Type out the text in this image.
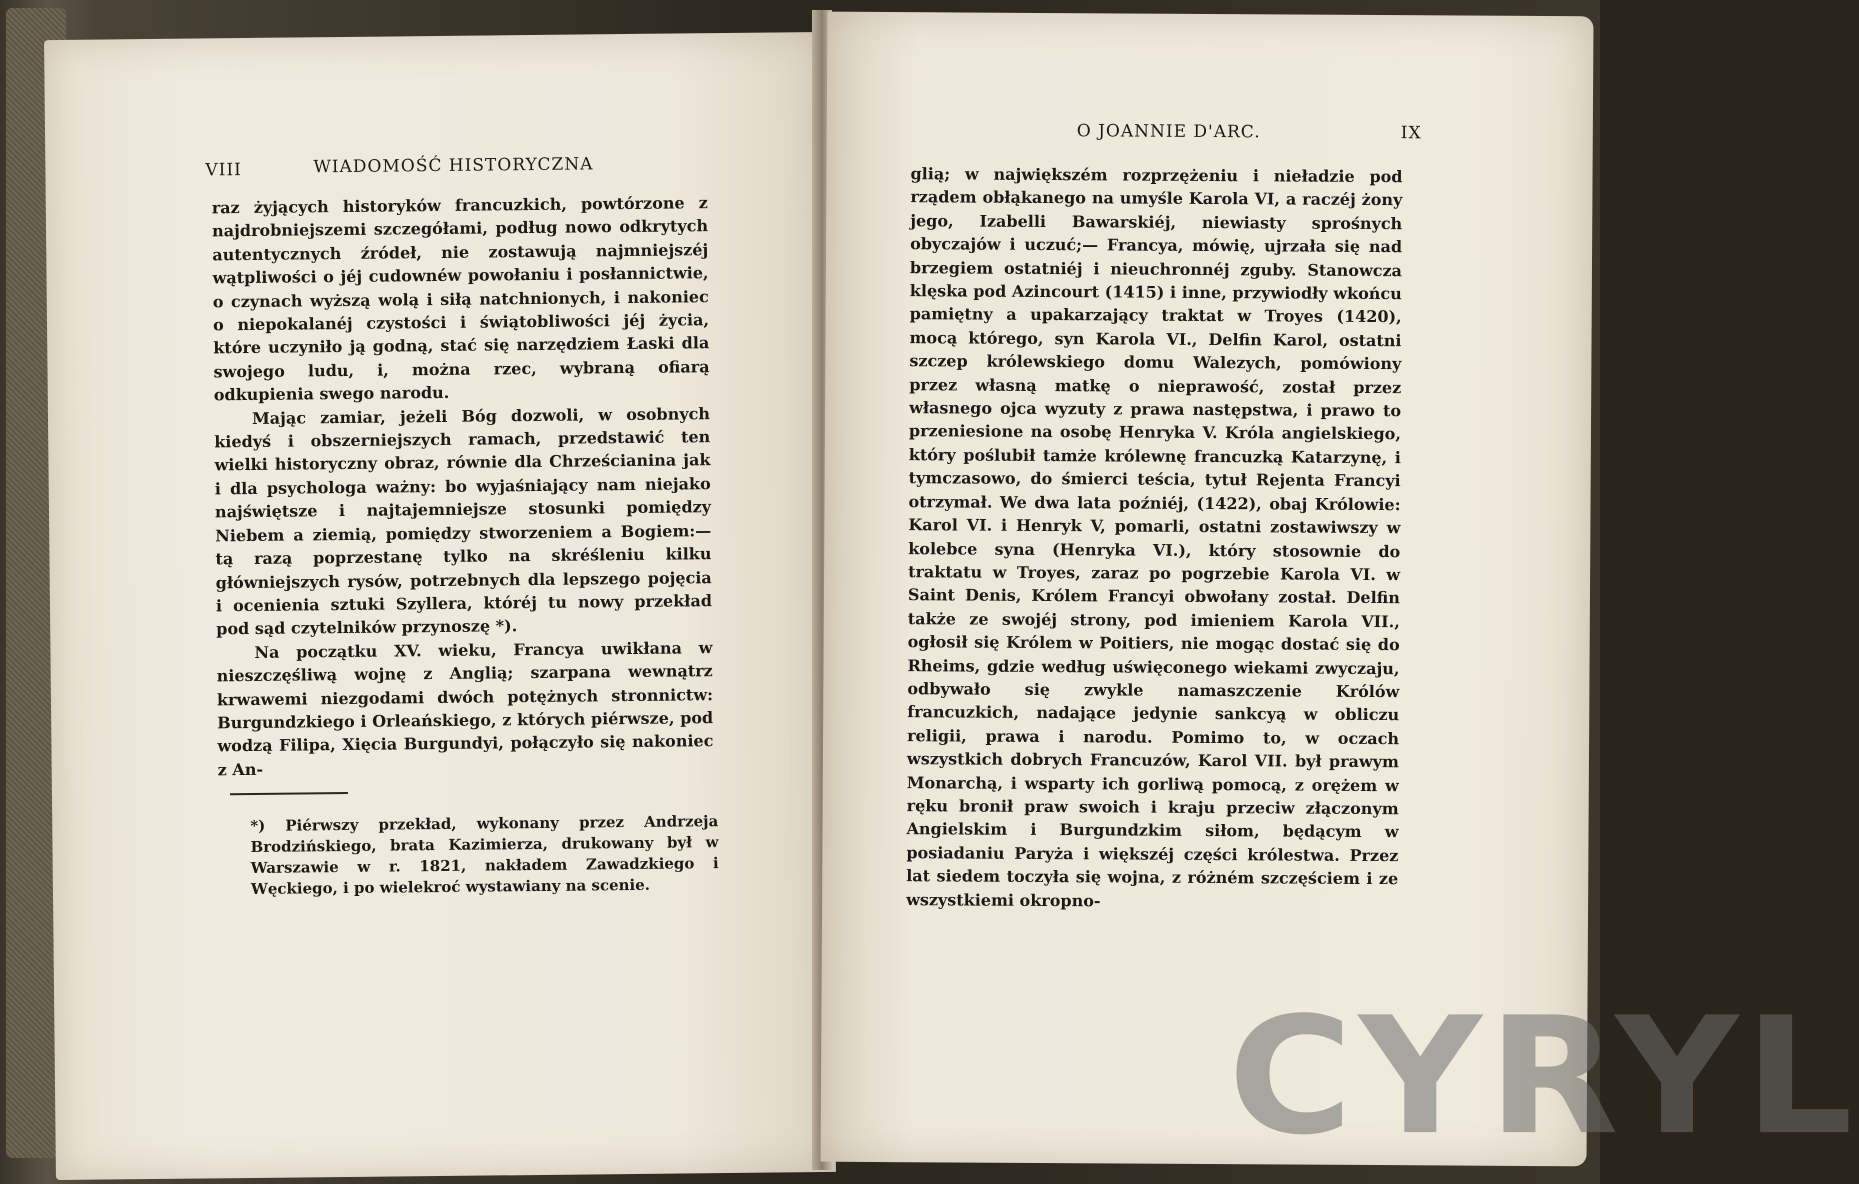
VIII	WIADOMOŚĆ HISTORYCZNA

raz żyjących historyków francuzkich, powtórzone z najdrobniejszemi szczegółami, podług nowo odkrytych autentycznych źródeł, nie zostawują najmniejszéj wątpliwości o jéj cudownéw powołaniu i posłannictwie, o czynach wyższą wolą i siłą natchnionych, i nakoniec o niepokalanéj czystości i świątobliwości jéj życia, które uczyniło ją godną, stać się narzędziem Łaski dla swojego ludu, i, można rzec, wybraną ofiarą odkupienia swego narodu.

Mając zamiar, jeżeli Bóg dozwoli, w osobnych kiedyś i obszerniejszych ramach, przedstawić ten wielki historyczny obraz, równie dla Chrześcianina jak i dla psychologa ważny: bo wyjaśniający nam niejako najświętsze i najtajemniejsze stosunki pomiędzy Niebem a ziemią, pomiędzy stworzeniem a Bogiem:— tą razą poprzestanę tylko na skréśleniu kilku główniejszych rysów, potrzebnych dla lepszego pojęcia i ocenienia sztuki Szyllera, któréj tu nowy przekład pod sąd czytelników przynoszę *).

Na początku XV. wieku, Francya uwikłana w nieszczęśliwą wojnę z Anglią; szarpana wewnątrz krwawemi niezgodami dwóch potężnych stronnictw: Burgundzkiego i Orleańskiego, z których piérwsze, pod wodzą Filipa, Xięcia Burgundyi, połączyło się nakoniec z An-

*) Piérwszy przekład, wykonany przez Andrzeja Brodzińskiego, brata Kazimierza, drukowany był w Warszawie w r. 1821, nakładem Zawadzkiego i Węckiego, i po wielekroć wystawiany na scenie.
O JOANNIE D'ARC.	IX

glią; w największém rozprzężeniu i nieładzie pod rządem obłąkanego na umyśle Karola VI, a raczéj żony jego, Izabelli Bawarskiéj, niewiasty sprośnych obyczajów i uczuć;— Francya, mówię, ujrzała się nad brzegiem ostatniéj i nieuchronnéj zguby. Stanowcza klęska pod Azincourt (1415) i inne, przywiodły wkońcu pamiętny a upakarzający traktat w Troyes (1420), mocą którego, syn Karola VI., Delfin Karol, ostatni szczep królewskiego domu Walezych, pomówiony przez własną matkę o nieprawość, został przez własnego ojca wyzuty z prawa następstwa, i prawo to przeniesione na osobę Henryka V. Króla angielskiego, który poślubił tamże królewnę francuzką Katarzynę, i tymczasowo, do śmierci teścia, tytuł Rejenta Francyi otrzymał. We dwa lata poźniéj, (1422), obaj Królowie: Karol VI. i Henryk V, pomarli, ostatni zostawiwszy w kolebce syna (Henryka VI.), który stosownie do traktatu w Troyes, zaraz po pogrzebie Karola VI. w Saint Denis, Królem Francyi obwołany został. Delfin także ze swojéj strony, pod imieniem Karola VII., ogłosił się Królem w Poitiers, nie mogąc dostać się do Rheims, gdzie według uświęconego wiekami zwyczaju, odbywało się zwykle namaszczenie Królów francuzkich, nadające jedynie sankcyą w obliczu religii, prawa i narodu. Pomimo to, w oczach wszystkich dobrych Francuzów, Karol VII. był prawym Monarchą, i wsparty ich gorliwą pomocą, z orężem w ręku bronił praw swoich i kraju przeciw złączonym Angielskim i Burgundzkim siłom, będącym w posiadaniu Paryża i większéj części królestwa. Przez lat siedem toczyła się wojna, z różném szczęściem i ze wszystkiemi okropno-

CYRYL
